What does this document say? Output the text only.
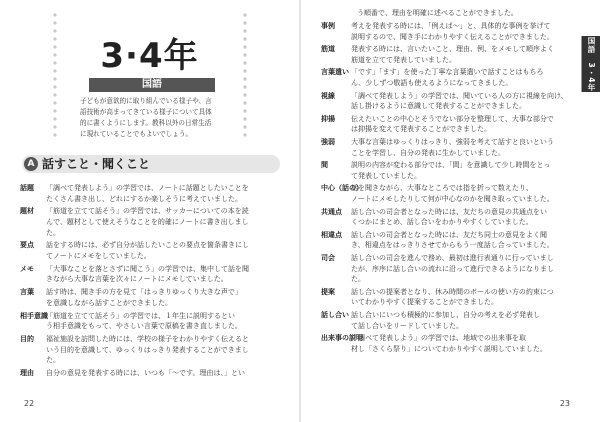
3·4年
国語
子どもが意欲的に取り組んでいる様子や、言
語技術が高まってきている様子について具体
的に書くようにします。教科以外の日常生活
に現れていることでもよいでしょう。
A 話すこと・聞くこと
話題 「調べて発表しよう」の学習では、ノートに話題としたいことを
たくさん書き出し、どれにするか楽しそうに考えていました。
題材 「筋道を立てて話そう」の学習では、サッカーについての本を読
んで、題材として使えそうなことを的確にノートに書き出しまし
た。
要点 話をする時には、必ず自分が話したいことの要点を箇条書きにし
てノートにメモをしていました。
メモ 「大事なことを落とさずに聞こう」の学習では、集中して話を聞
きながら大事な言葉を次々にノートにメモしていました。
言葉 話す時は、聞き手の方を見て「はっきりゆっくり大きな声で」
を意識しながら話すことができました。
相手意識
「筋道を立てて話そう」の学習では、１年生に説明するとい
う相手意識をもって、やさしい言葉で原稿を書き直しました。
目的 福祉施設を訪問した時には、学校の様子をわかりやすく伝えると
いう目的を意識して、ゆっくりはっきり発表することができまし
た。
理由 自分の意見を発表する時には、いつも「～です。理由は、」とい
22
国語　3・4年
う順番で、理由を明確に述べることができました。
事例 考えを発表する時には、「例えば～」と、具体的な事例を挙げて
説明するので、聞き手にわかりやすく伝えることができました。
筋道 発表する時には、言いたいこと、理由、例、をメモして順序よく
筋道を立てて発表していました。
言葉遣い 「です」「ます」を使った丁寧な言葉遣いで話すことはもちろ
ん、少しずつ敬語も使えるようになってきました。
視線 「調べて発表しよう」の学習では、聞いている人の方に視線を向け、
話し掛けるように意識して発表することができました。
抑揚 伝えたいことの中心とそうでない部分を整理して、大事な部分で
は抑揚を変えて発表することができました。
強弱 大事な言葉はゆっくりはっきり、強弱を考えて話すと良いという
ことを学習し、自分の発表に生かしていました。
間	説明の内容が変わる部分では、「間」を意識して少し時間をとっ
て発表していました。
中心（話の）
話を聞きながら、大事なところでは指を折って数えたり、
ノートにメモしたりして何が中心なのかを聞き取っていました。
共通点 話し合いの司会者となった時には、友だちの意見の共通点をい
くつかにまとめ、話し合いをわかりやすくしていました。
相違点 話し合いの司会者となった時には、友だち同士の意見をよく聞
き、相違点をはっきりさせてからもう一度話し合っていました。
司会 話し合いの司会を進んで務め、最初は進行表通りに行っていまし
たが、序序に話し合いの流れに沿って進行できるようになりまし
た。
提案 話し合いの提案者となり、休み時間のボールの使い方の約束につ
いてわかりやすく提案することができました。
話し合い 話し合いにいつも積極的に参加し、自分の考えを必ず発表し
て話し合いをリードしていました。
出来事の説明
「調べて発表しよう」の学習では、地域での出来事を取
材し「さくら祭り」についてわかりやすく説明していました。
23
